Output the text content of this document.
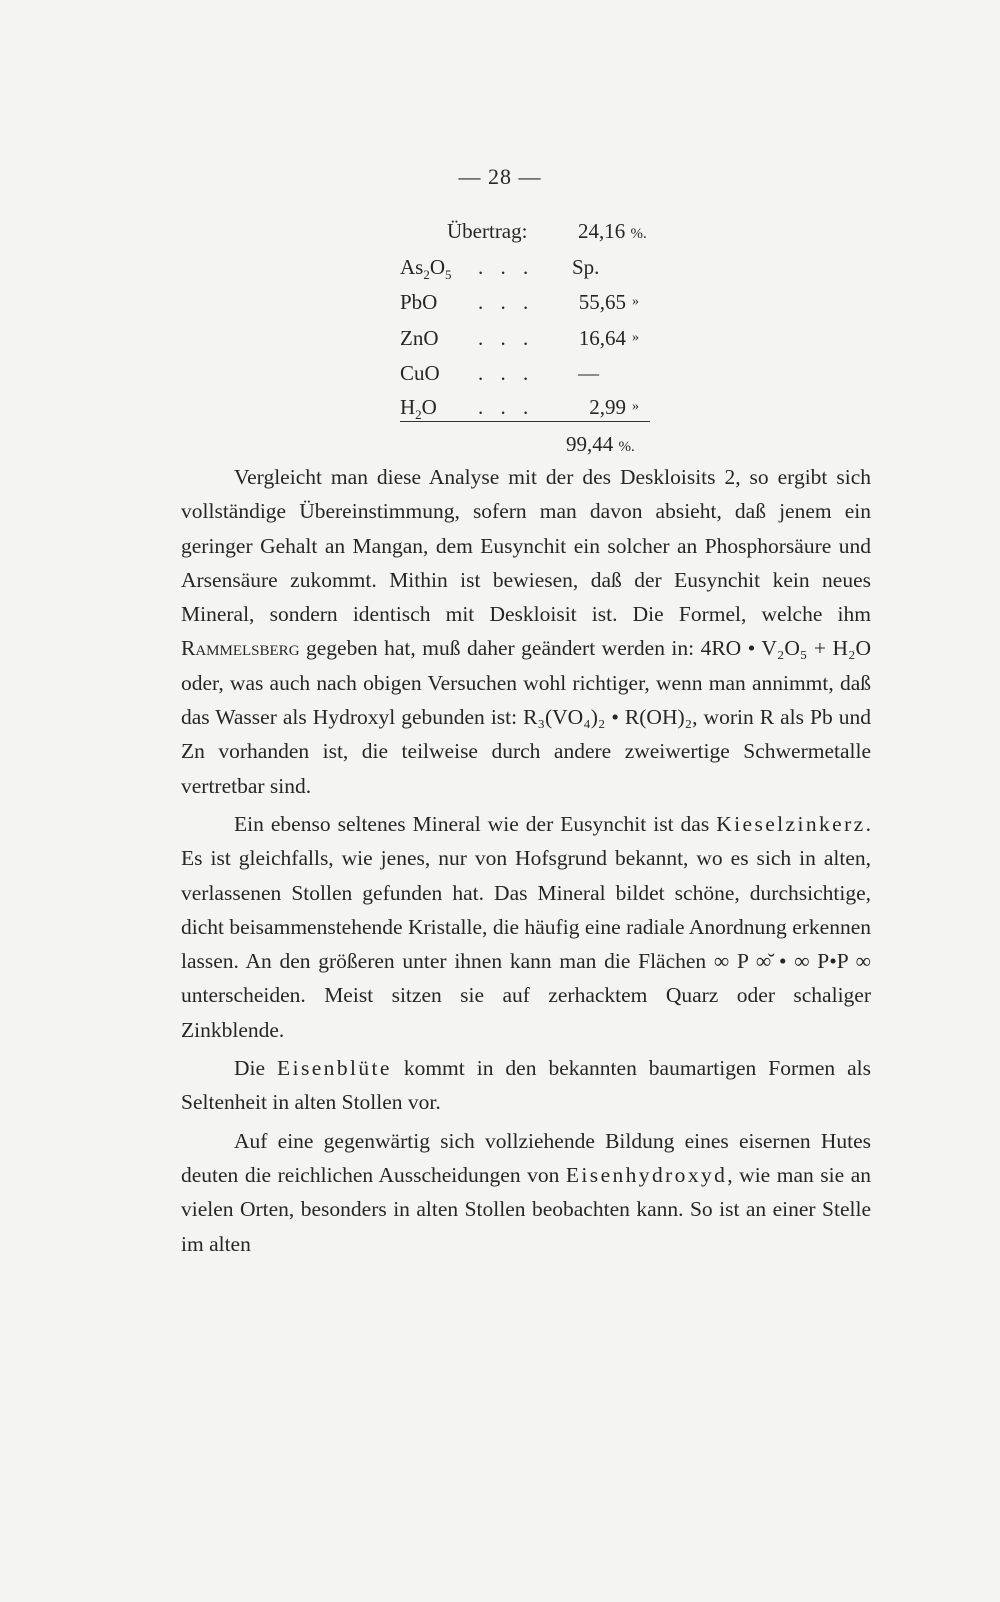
— 28 —
Übertrag: 24,16 %.
$As_2O_5$ . . . Sp.
PbO . . .	55,65 »
ZnO . . .	16,64 »
CuO . . . —
$H_2O$ . . .	2,99 »
99,44 %.

Vergleicht man diese Analyse mit der des Deskloisits 2, so ergibt sich vollständige Übereinstimmung, sofern man davon absieht, daß jenem ein geringer Gehalt an Mangan, dem Eusynchit ein solcher an Phosphorsäure und Arsensäure zukommt. Mithin ist bewiesen, daß der Eusynchit kein neues Mineral, sondern identisch mit Deskloisit ist. Die Formel, welche ihm Rammelsberg gegeben hat, muß daher geändert werden in: 4RO • V₂O₅ + H₂O oder, was auch nach obigen Versuchen wohl richtiger, wenn man annimmt, daß das Wasser als Hydroxyl gebunden ist: R₃(VO₄)₂ • R(OH)₂, worin R als Pb und Zn vorhanden ist, die teilweise durch andere zweiwertige Schwermetalle vertretbar sind.

Ein ebenso seltenes Mineral wie der Eusynchit ist das Kieselzinkerz. Es ist gleichfalls, wie jenes, nur von Hofsgrund bekannt, wo es sich in alten, verlassenen Stollen gefunden hat. Das Mineral bildet schöne, durchsichtige, dicht beisammenstehende Kristalle, die häufig eine radiale Anordnung erkennen lassen. An den größeren unter ihnen kann man die Flächen ∞ P ∞̆ • ∞ P•P ∞ unterscheiden. Meist sitzen sie auf zerhacktem Quarz oder schaliger Zinkblende.

Die Eisenblüte kommt in den bekannten baumartigen Formen als Seltenheit in alten Stollen vor.

Auf eine gegenwärtig sich vollziehende Bildung eines eisernen Hutes deuten die reichlichen Ausscheidungen von Eisenhydroxyd, wie man sie an vielen Orten, besonders in alten Stollen beobachten kann. So ist an einer Stelle im alten
